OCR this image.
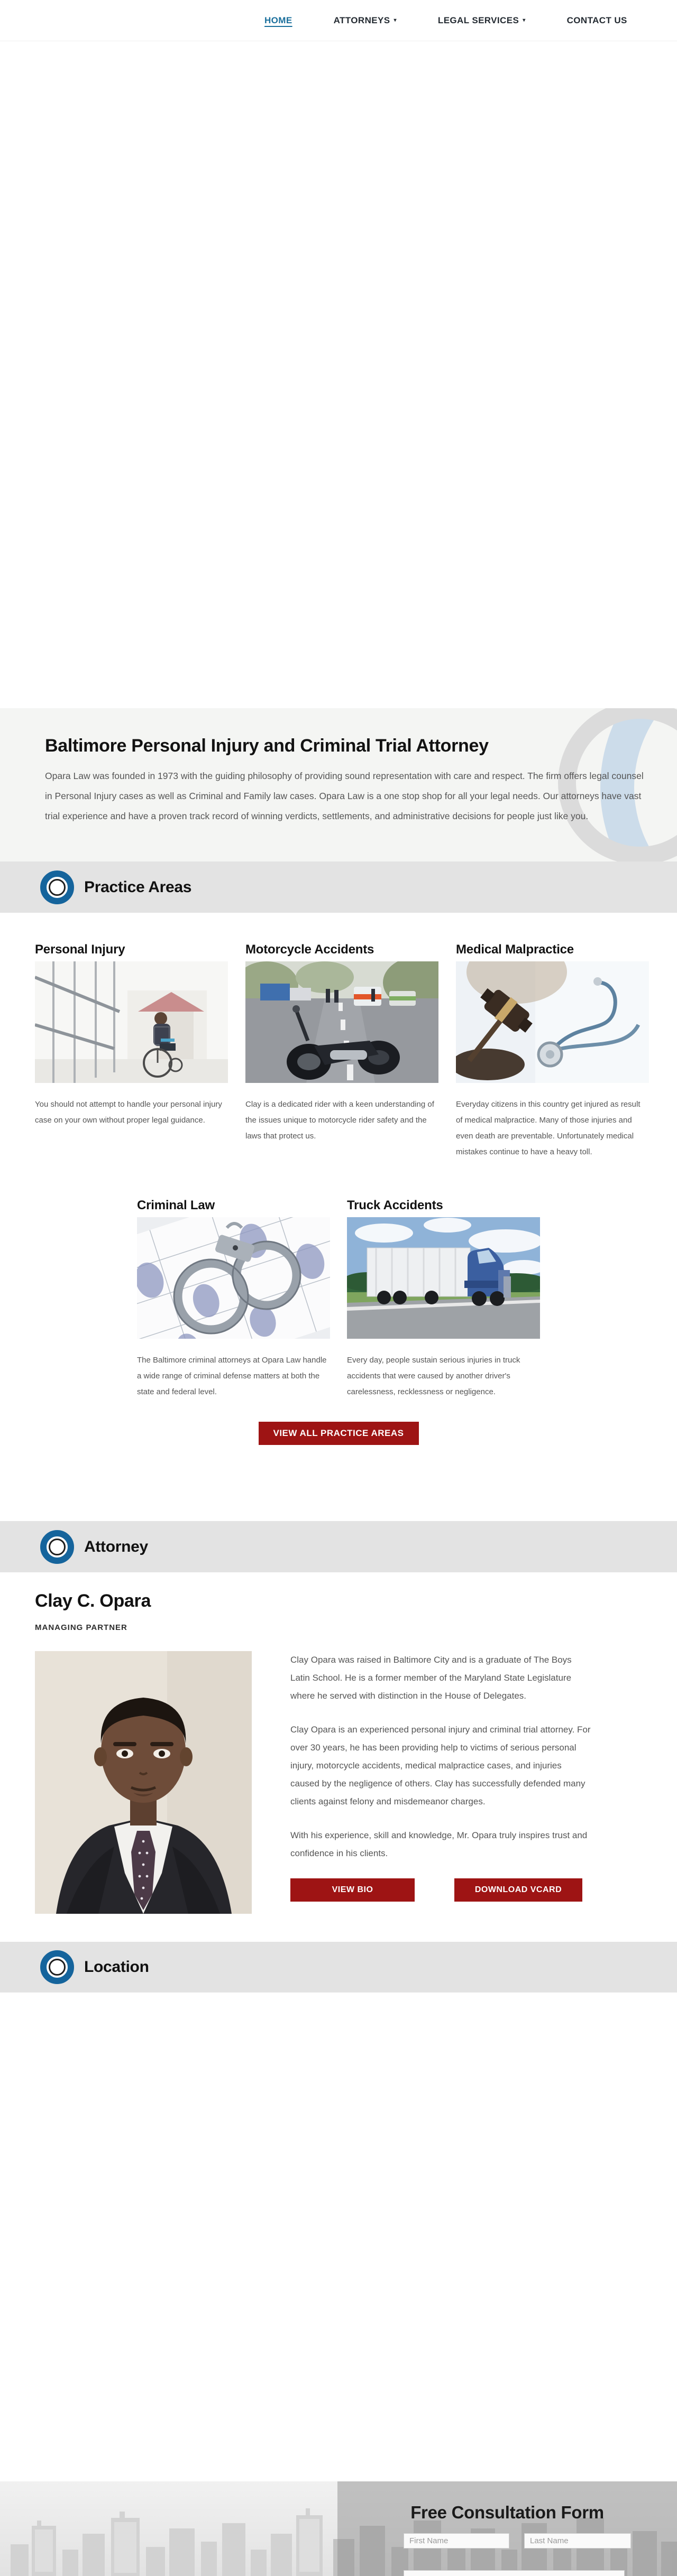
HOME	ATTORNEYS ▾	LEGAL SERVICES ▾	CONTACT US
Baltimore Personal Injury and Criminal Trial Attorney

Opara Law was founded in 1973 with the guiding philosophy of providing sound representation with care and respect. The firm offers legal counsel in Personal Injury cases as well as Criminal and Family law cases. Opara Law is a one stop shop for all your legal needs. Our attorneys have vast trial experience and have a proven track record of winning verdicts, settlements, and administrative decisions for people just like you.

Practice Areas
Personal Injury

You should not attempt to handle your personal injury case on your own without proper legal guidance.

Motorcycle Accidents

Clay is a dedicated rider with a keen understanding of the issues unique to motorcycle rider safety and the laws that protect us.

Medical Malpractice

Everyday citizens in this country get injured as result of medical malpractice. Many of those injuries and even death are preventable. Unfortunately medical mistakes continue to have a heavy toll.

Criminal Law

The Baltimore criminal attorneys at Opara Law handle a wide range of criminal defense matters at both the state and federal level.

Truck Accidents

Every day, people sustain serious injuries in truck accidents that were caused by another driver's carelessness, recklessness or negligence.

VIEW ALL PRACTICE AREAS
Attorney
Clay C. Opara
MANAGING PARTNER

Clay Opara was raised in Baltimore City and is a graduate of The Boys Latin School. He is a former member of the Maryland State Legislature where he served with distinction in the House of Delegates.

Clay Opara is an experienced personal injury and criminal trial attorney. For over 30 years, he has been providing help to victims of serious personal injury, motorcycle accidents, medical malpractice cases, and injuries caused by the negligence of others. Clay has successfully defended many clients against felony and misdemeanor charges.

With his experience, skill and knowledge, Mr. Opara truly inspires trust and confidence in his clients.

VIEW BIO	DOWNLOAD VCARD
Location
Free Consultation Form
First Name
Last Name
